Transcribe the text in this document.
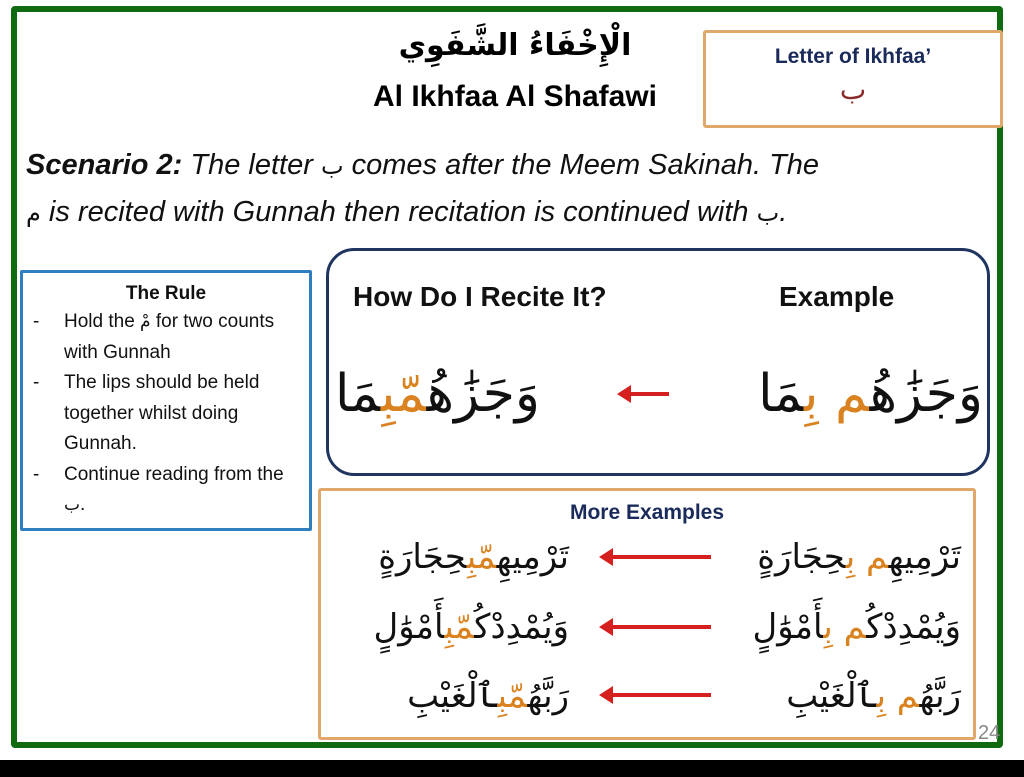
الْإِخْفَاءُ الشَّفَوِي
Al Ikhfaa Al Shafawi
Letter of Ikhfaa’
ب
Scenario 2: The letter ب comes after the Meem Sakinah. The
م is recited with Gunnah then recitation is continued with ب.
The Rule
- Hold the مْ for two counts with Gunnah
- The lips should be held together whilst doing Gunnah.
- Continue reading from the ب.
How Do I Recite It?	Example
وَجَزَٰهُمّبِمَا	وَجَزَٰهُم بِمَا
More Examples
تَرْمِيهِمّبِحِجَارَةٍ	تَرْمِيهِم بِحِجَارَةٍ
وَيُمْدِدْكُمّبِأَمْوَٰلٍ	وَيُمْدِدْكُم بِأَمْوَٰلٍ
رَبَّهُمّبِٱلْغَيْبِ	رَبَّهُم بِٱلْغَيْبِ
24
